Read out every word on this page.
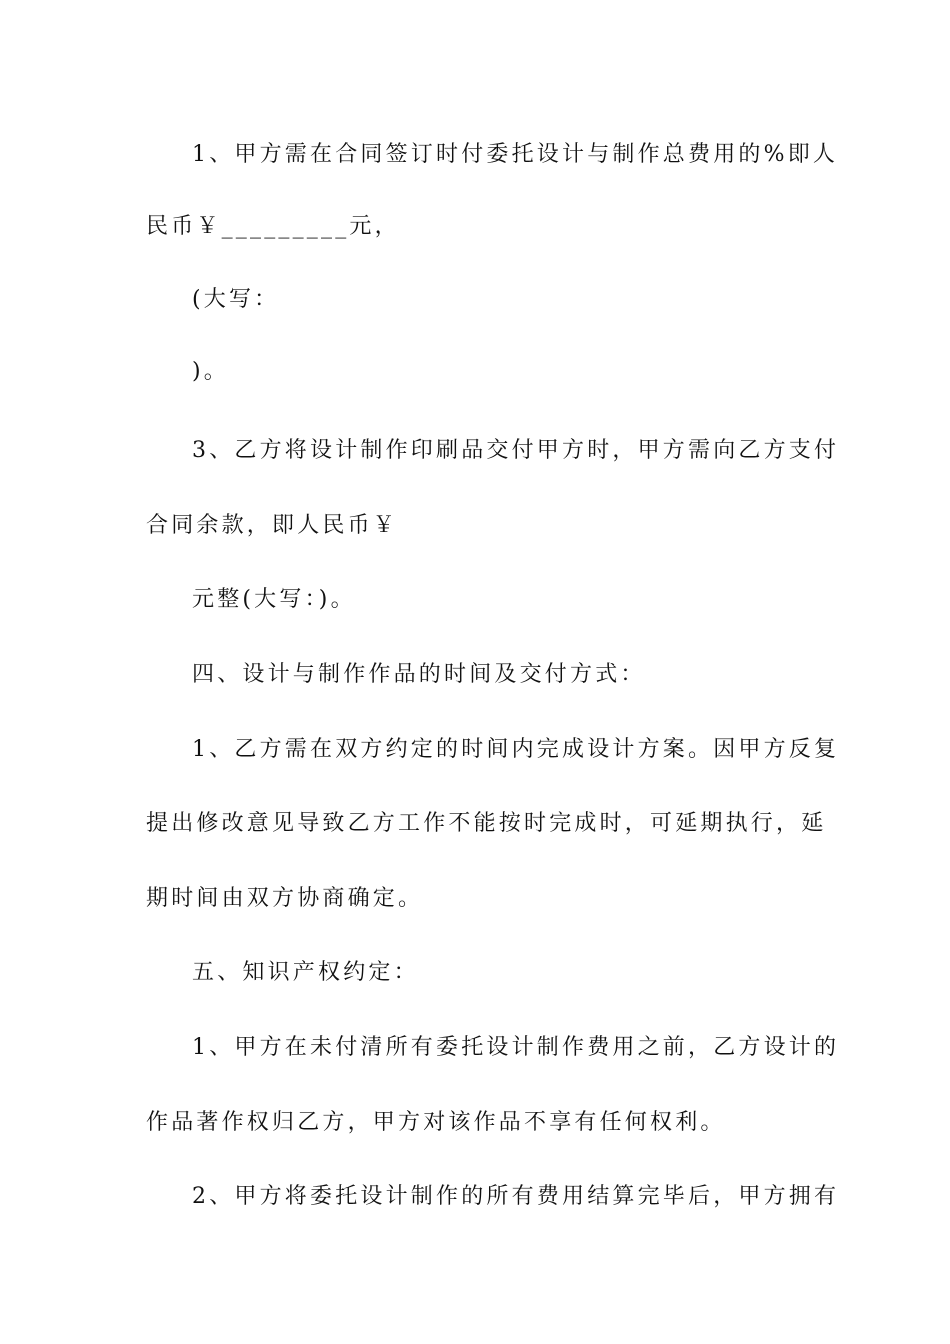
1、甲方需在合同签订时付委托设计与制作总费用的%即人
民币￥_________元，
(大写：
)。
3、乙方将设计制作印刷品交付甲方时，甲方需向乙方支付
合同余款，即人民币￥
元整(大写：)。
四、设计与制作作品的时间及交付方式：
1、乙方需在双方约定的时间内完成设计方案。因甲方反复
提出修改意见导致乙方工作不能按时完成时，可延期执行，延
期时间由双方协商确定。
五、知识产权约定：
1、甲方在未付清所有委托设计制作费用之前，乙方设计的
作品著作权归乙方，甲方对该作品不享有任何权利。
2、甲方将委托设计制作的所有费用结算完毕后，甲方拥有
